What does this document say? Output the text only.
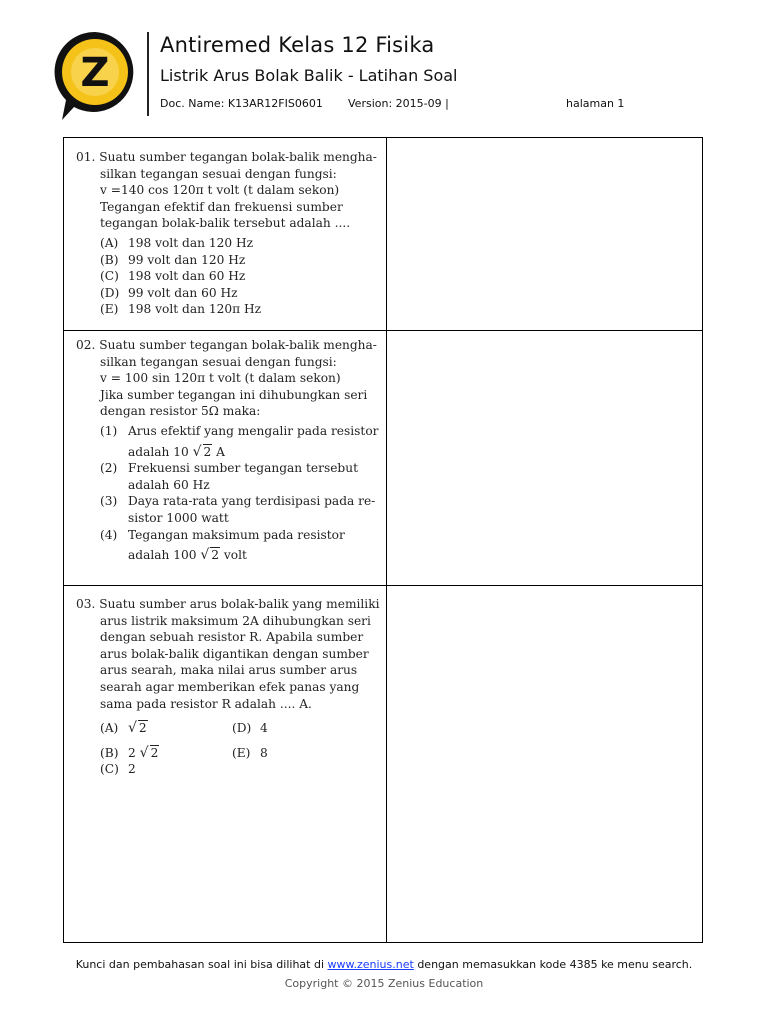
Z
Antiremed Kelas 12 Fisika
Listrik Arus Bolak Balik - Latihan Soal
Doc. Name: K13AR12FIS0601 Version: 2015-09 |	halaman 1
01. Suatu sumber tegangan bolak-balik mengha-
silkan tegangan sesuai dengan fungsi:
v =140 cos 120π t volt (t dalam sekon)
Tegangan efektif dan frekuensi sumber
tegangan bolak-balik tersebut adalah ....
(A) 198 volt dan 120 Hz
(B) 99 volt dan 120 Hz
(C) 198 volt dan 60 Hz
(D) 99 volt dan 60 Hz
(E) 198 volt dan 120π Hz
02. Suatu sumber tegangan bolak-balik mengha-
silkan tegangan sesuai dengan fungsi:
v = 100 sin 120π t volt (t dalam sekon)
Jika sumber tegangan ini dihubungkan seri
dengan resistor 5Ω maka:
(1) Arus efektif yang mengalir pada resistor
adalah 10
√ 2
A
(2) Frekuensi sumber tegangan tersebut
adalah 60 Hz
(3) Daya rata-rata yang terdisipasi pada re-
sistor 1000 watt
(4) Tegangan maksimum pada resistor
adalah 100
√ 2
volt
03. Suatu sumber arus bolak-balik yang memiliki
arus listrik maksimum 2A dihubungkan seri
dengan sebuah resistor R. Apabila sumber
arus bolak-balik digantikan dengan sumber
arus searah, maka nilai arus sumber arus
searah agar memberikan efek panas yang
sama pada resistor R adalah .... A.
(A) √ 2	(D) 4
(B) 2
√ 2	(E) 8
(C) 2
Kunci dan pembahasan soal ini bisa dilihat di www.zenius.net dengan memasukkan kode 4385 ke menu search.
Copyright © 2015 Zenius Education
